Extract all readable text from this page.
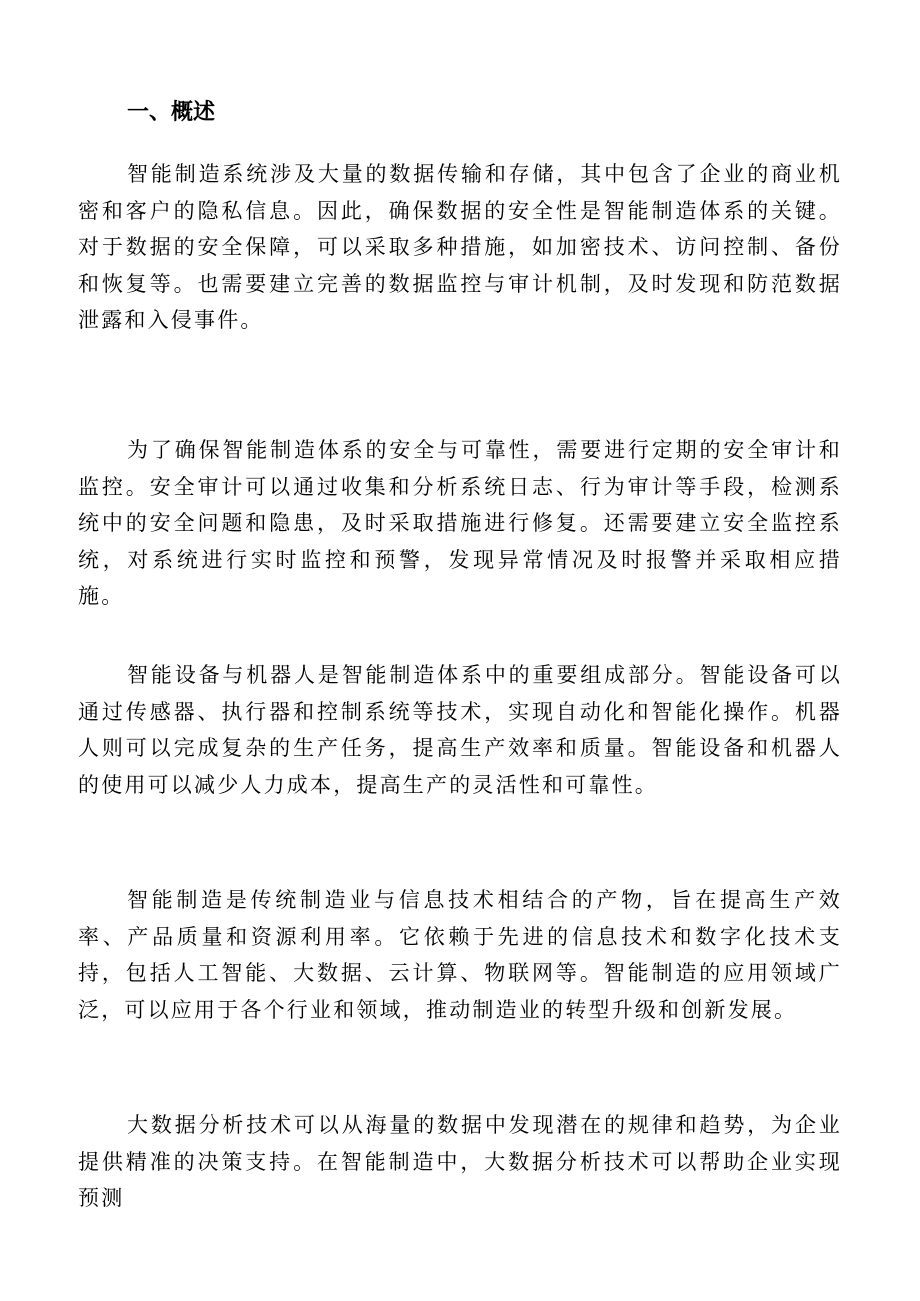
一、概述

智能制造系统涉及大量的数据传输和存储，其中包含了企业的商业机密和客户的隐私信息。因此，确保数据的安全性是智能制造体系的关键。对于数据的安全保障，可以采取多种措施，如加密技术、访问控制、备份和恢复等。也需要建立完善的数据监控与审计机制，及时发现和防范数据泄露和入侵事件。

为了确保智能制造体系的安全与可靠性，需要进行定期的安全审计和监控。安全审计可以通过收集和分析系统日志、行为审计等手段，检测系统中的安全问题和隐患，及时采取措施进行修复。还需要建立安全监控系统，对系统进行实时监控和预警，发现异常情况及时报警并采取相应措施。

智能设备与机器人是智能制造体系中的重要组成部分。智能设备可以通过传感器、执行器和控制系统等技术，实现自动化和智能化操作。机器人则可以完成复杂的生产任务，提高生产效率和质量。智能设备和机器人的使用可以减少人力成本，提高生产的灵活性和可靠性。

智能制造是传统制造业与信息技术相结合的产物，旨在提高生产效率、产品质量和资源利用率。它依赖于先进的信息技术和数字化技术支持，包括人工智能、大数据、云计算、物联网等。智能制造的应用领域广泛，可以应用于各个行业和领域，推动制造业的转型升级和创新发展。

大数据分析技术可以从海量的数据中发现潜在的规律和趋势，为企业提供精准的决策支持。在智能制造中，大数据分析技术可以帮助企业实现预测
